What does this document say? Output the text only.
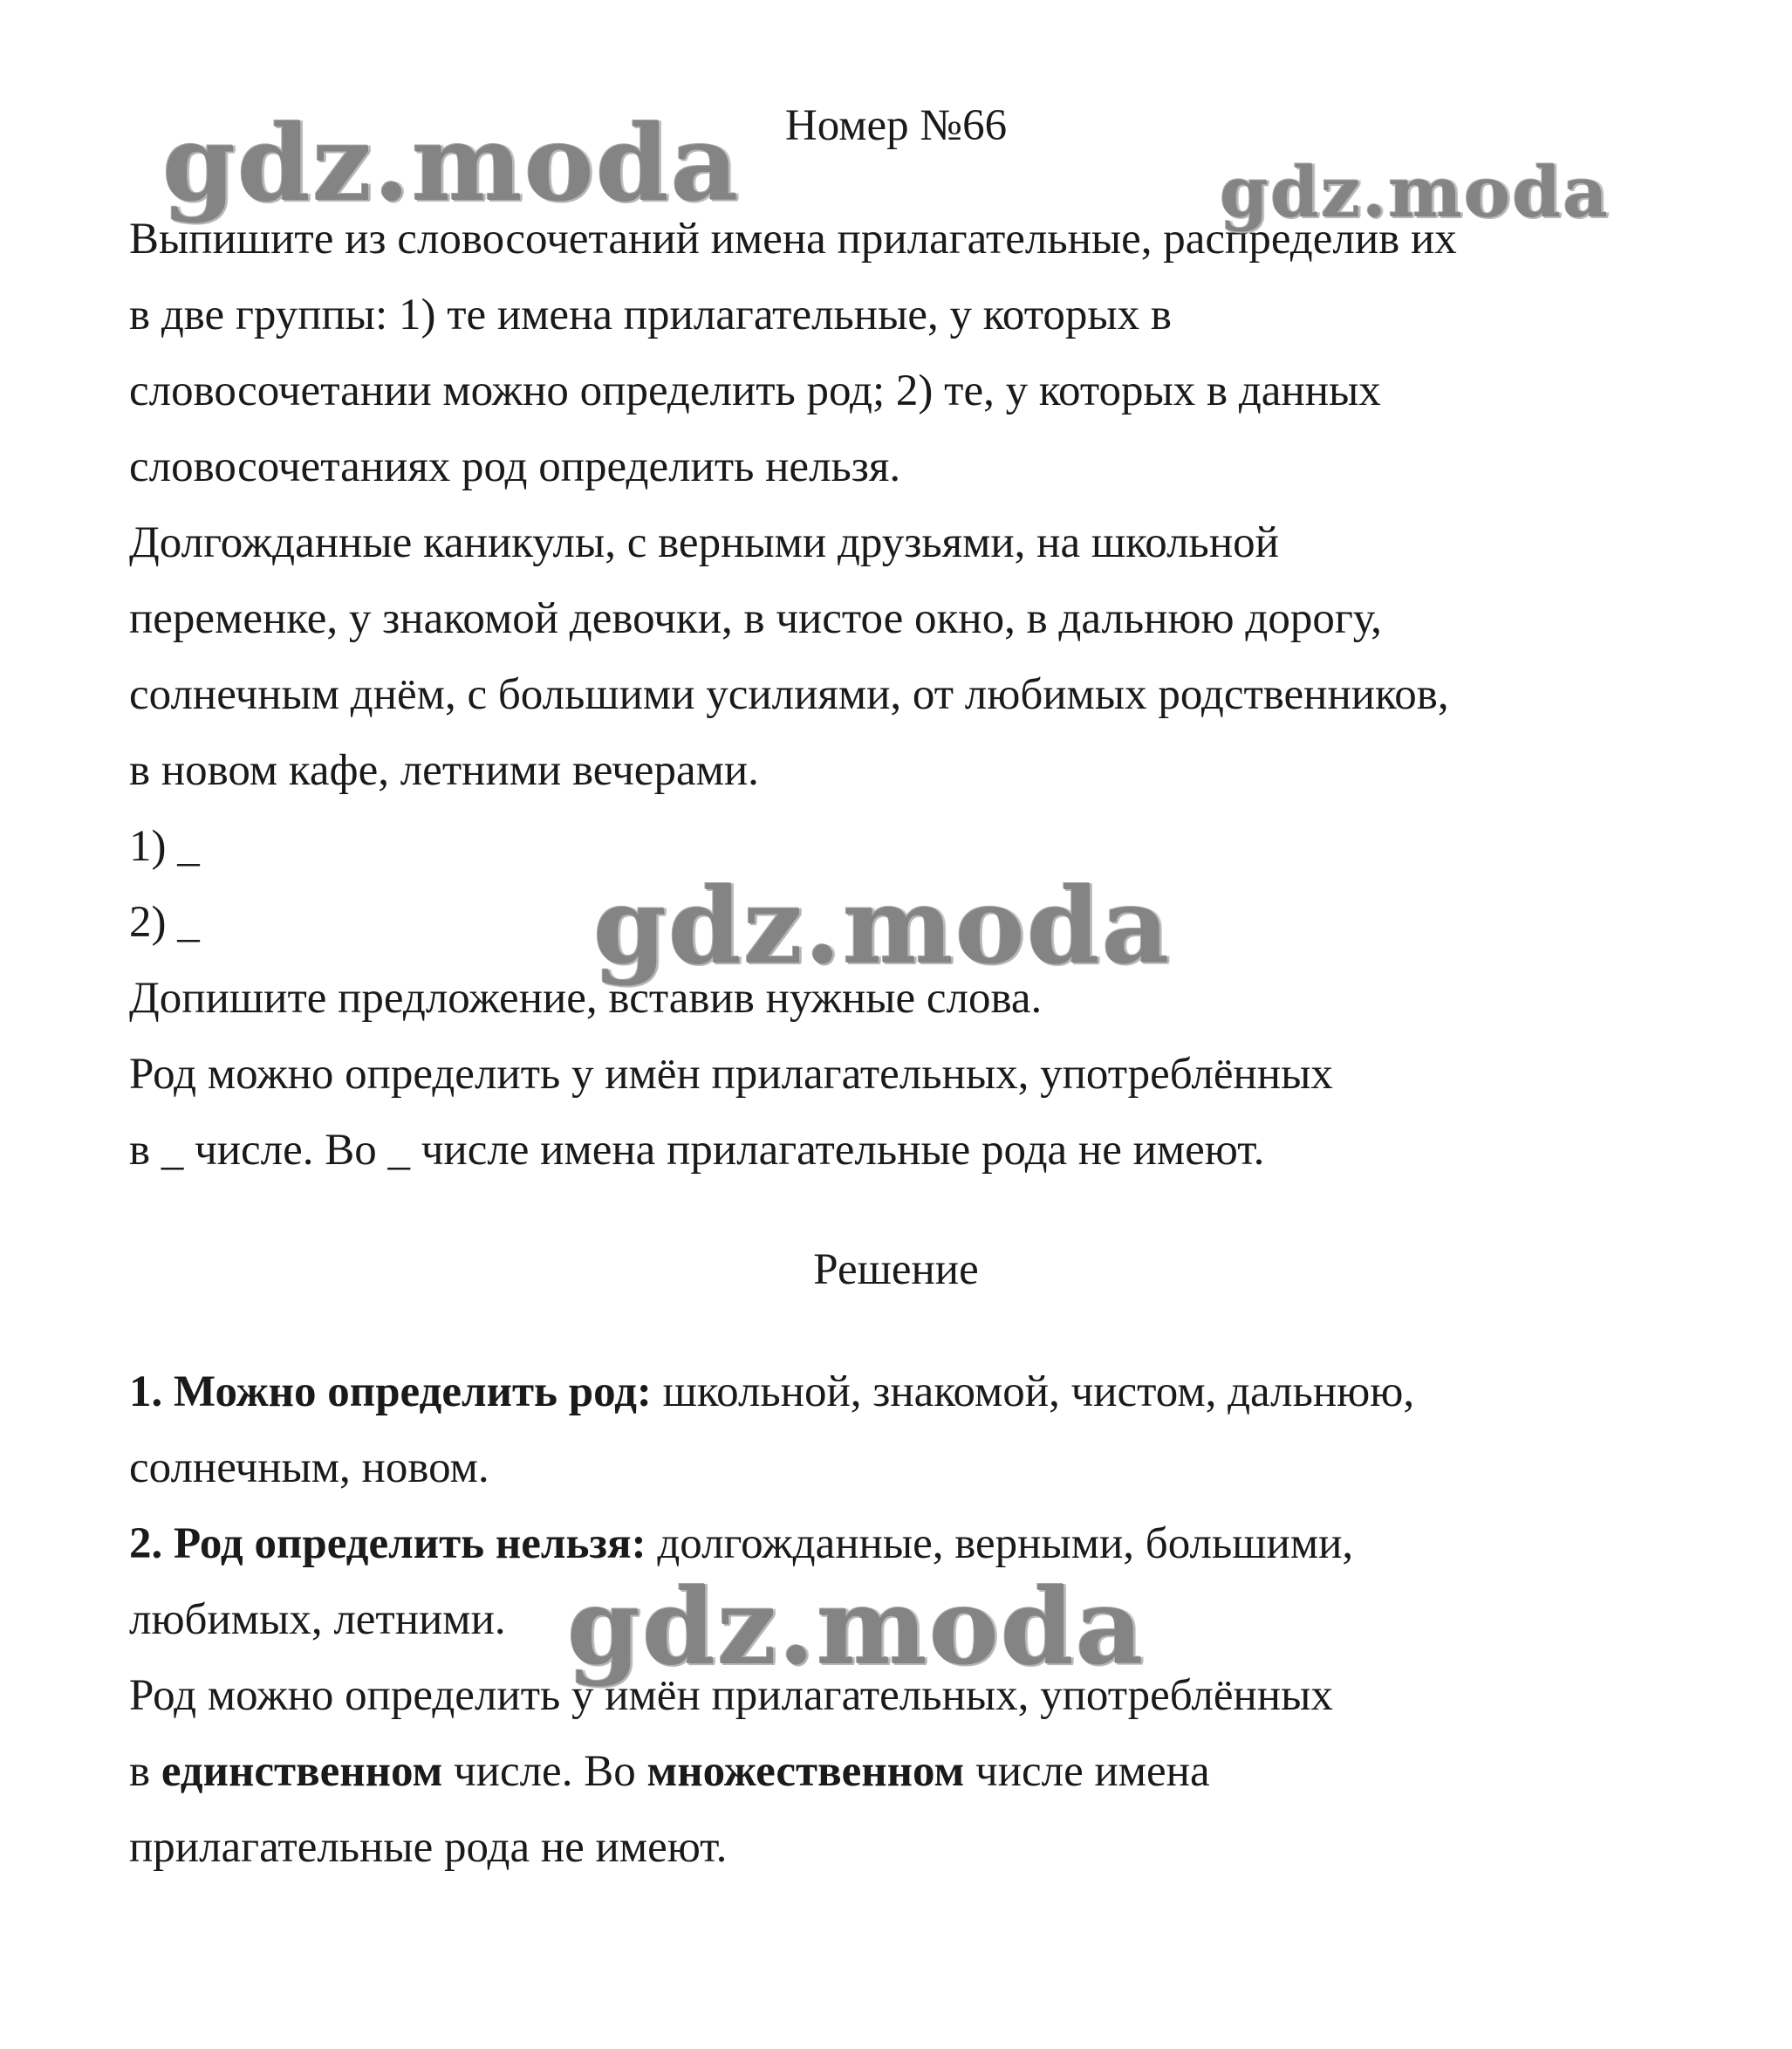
Номер №66
Выпишите из словосочетаний имена прилагательные, распределив их
в две группы: 1) те имена прилагательные, у которых в
словосочетании можно определить род; 2) те, у которых в данных
словосочетаниях род определить нельзя.
Долгожданные каникулы, с верными друзьями, на школьной
переменке, у знакомой девочки, в чистое окно, в дальнюю дорогу,
солнечным днём, с большими усилиями, от любимых родственников,
в новом кафе, летними вечерами.
1) _
2) _
Допишите предложение, вставив нужные слова.
Род можно определить у имён прилагательных, употреблённых
в _ числе. Во _ числе имена прилагательные рода не имеют.
Решение
1. Можно определить род: школьной, знакомой, чистом, дальнюю,
солнечным, новом.
2. Род определить нельзя: долгожданные, верными, большими,
любимых, летними.
Род можно определить у имён прилагательных, употреблённых
в единственном числе. Во множественном числе имена
прилагательные рода не имеют.
gdz.moda	gdz.moda
gdz.moda
gdz.moda
